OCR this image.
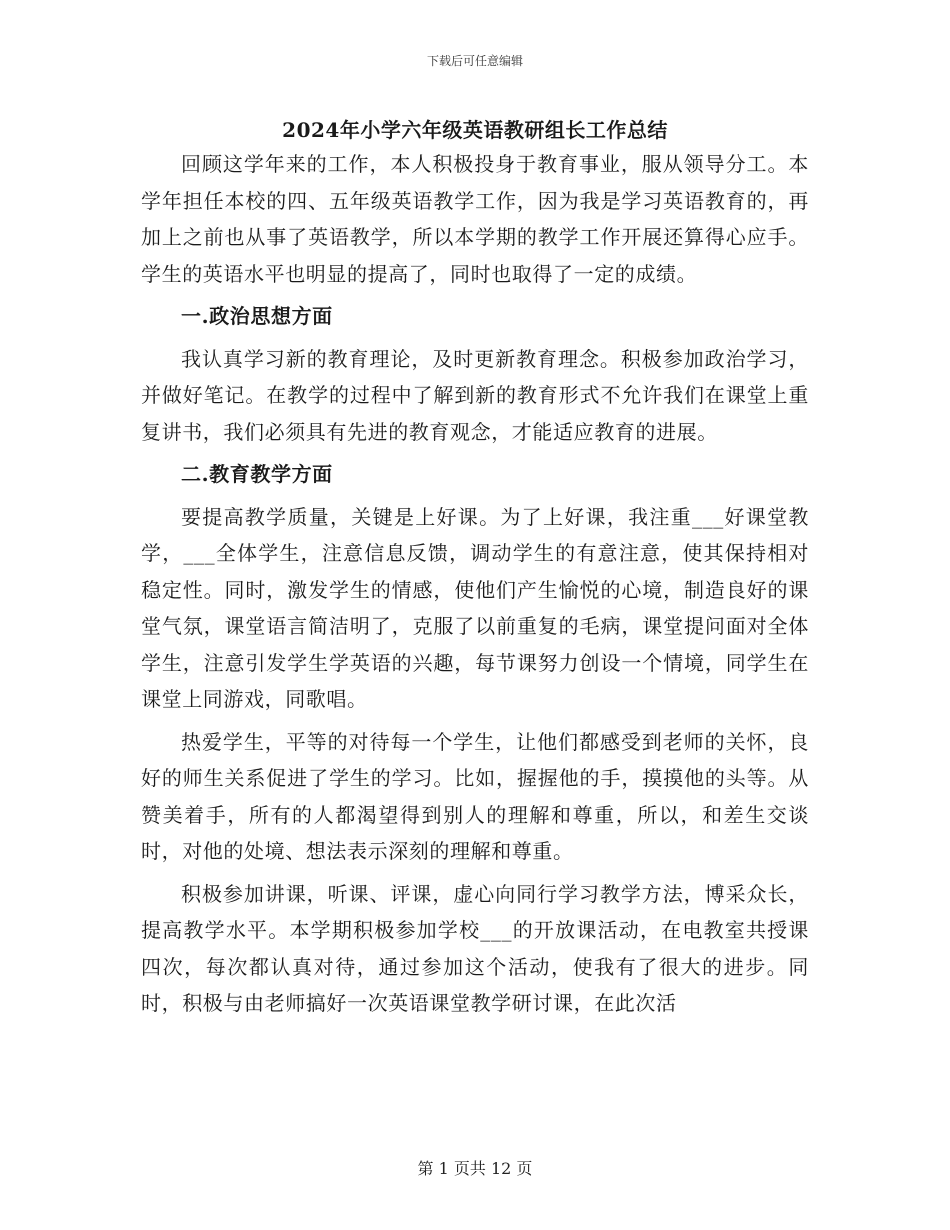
下载后可任意编辑
2024年小学六年级英语教研组长工作总结

回顾这学年来的工作，本人积极投身于教育事业，服从领导分工。本学年担任本校的四、五年级英语教学工作，因为我是学习英语教育的，再加上之前也从事了英语教学，所以本学期的教学工作开展还算得心应手。学生的英语水平也明显的提高了，同时也取得了一定的成绩。

一.政治思想方面

我认真学习新的教育理论，及时更新教育理念。积极参加政治学习，并做好笔记。在教学的过程中了解到新的教育形式不允许我们在课堂上重复讲书，我们必须具有先进的教育观念，才能适应教育的进展。

二.教育教学方面

要提高教学质量，关键是上好课。为了上好课，我注重___好课堂教学，___全体学生，注意信息反馈，调动学生的有意注意，使其保持相对稳定性。同时，激发学生的情感，使他们产生愉悦的心境，制造良好的课堂气氛，课堂语言简洁明了，克服了以前重复的毛病，课堂提问面对全体学生，注意引发学生学英语的兴趣，每节课努力创设一个情境，同学生在课堂上同游戏，同歌唱。

热爱学生，平等的对待每一个学生，让他们都感受到老师的关怀，良好的师生关系促进了学生的学习。比如，握握他的手，摸摸他的头等。从赞美着手，所有的人都渴望得到别人的理解和尊重，所以，和差生交谈时，对他的处境、想法表示深刻的理解和尊重。

积极参加讲课，听课、评课，虚心向同行学习教学方法，博采众长，提高教学水平。本学期积极参加学校___的开放课活动，在电教室共授课四次，每次都认真对待，通过参加这个活动，使我有了很大的进步。同时，积极与由老师搞好一次英语课堂教学研讨课，在此次活

第 1 页共 12 页
